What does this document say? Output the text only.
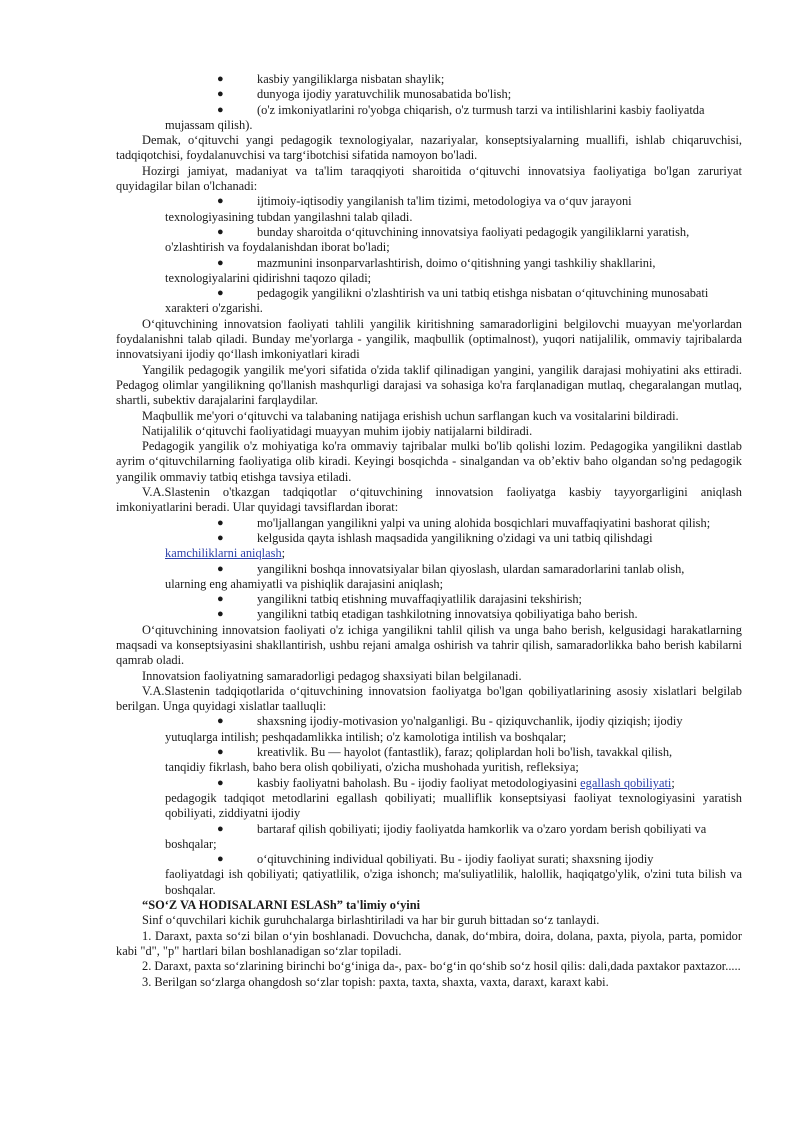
●	kasbiy yangiliklarga nisbatan shaylik;
●	dunyoga ijodiy yaratuvchilik munosabatida bo'lish;
●	(o'z imkoniyatlarini ro'yobga chiqarish, o'z turmush tarzi va intilishlarini kasbiy faoliyatda
mujassam qilish).

Demak, o‘qituvchi yangi pedagogik texnologiyalar, nazariyalar, konseptsiyalarning muallifi, ishlab chiqaruvchisi, tadqiqotchisi, foydalanuvchisi va targ‘ibotchisi sifatida namoyon bo'ladi.

Hozirgi jamiyat, madaniyat va ta'lim taraqqiyoti sharoitida o‘qituvchi innovatsiya faoliyatiga bo'lgan zaruriyat quyidagilar bilan o'lchanadi:

●	ijtimoiy-iqtisodiy yangilanish ta'lim tizimi, metodologiya va o‘quv jarayoni
texnologiyasining tubdan yangilashni talab qiladi.
●	bunday sharoitda o‘qituvchining innovatsiya faoliyati pedagogik yangiliklarni yaratish,
o'zlashtirish va foydalanishdan iborat bo'ladi;
●	mazmunini insonparvarlashtirish, doimo o‘qitishning yangi tashkiliy shakllarini,
texnologiyalarini qidirishni taqozo qiladi;
●	pedagogik yangilikni o'zlashtirish va uni tatbiq etishga nisbatan o‘qituvchining munosabati
xarakteri o'zgarishi.

O‘qituvchining innovatsion faoliyati tahlili yangilik kiritishning samaradorligini belgilovchi muayyan me'yorlardan foydalanishni talab qiladi. Bunday me'yorlarga - yangilik, maqbullik (optimalnost), yuqori natijalilik, ommaviy tajribalarda innovatsiyani ijodiy qo‘llash imkoniyatlari kiradi

Yangilik pedagogik yangilik me'yori sifatida o'zida taklif qilinadigan yangini, yangilik darajasi mohiyatini aks ettiradi. Pedagog olimlar yangilikning qo'llanish mashqurligi darajasi va sohasiga ko'ra farqlanadigan mutlaq, chegaralangan mutlaq, shartli, subektiv darajalarini farqlaydilar.

Maqbullik me'yori o‘qituvchi va talabaning natijaga erishish uchun sarflangan kuch va vositalarini bildiradi.

Natijalilik o‘qituvchi faoliyatidagi muayyan muhim ijobiy natijalarni bildiradi.

Pedagogik yangilik o'z mohiyatiga ko'ra ommaviy tajribalar mulki bo'lib qolishi lozim. Pedagogika yangilikni dastlab ayrim o‘qituvchilarning faoliyatiga olib kiradi. Keyingi bosqichda - sinalgandan va ob’ektiv baho olgandan so'ng pedagogik yangilik ommaviy tatbiq etishga tavsiya etiladi.

V.A.Slastenin o'tkazgan tadqiqotlar o‘qituvchining innovatsion faoliyatga kasbiy tayyorgarligini aniqlash imkoniyatlarini beradi. Ular quyidagi tavsiflardan iborat:

●	mo'ljallangan yangilikni yalpi va uning alohida bosqichlari muvaffaqiyatini bashorat qilish;
●	kelgusida qayta ishlash maqsadida yangilikning o'zidagi va uni tatbiq qilishdagi
kamchiliklarni aniqlash;
●	yangilikni boshqa innovatsiyalar bilan qiyoslash, ulardan samaradorlarini tanlab olish,
ularning eng ahamiyatli va pishiqlik darajasini aniqlash;
●	yangilikni tatbiq etishning muvaffaqiyatlilik darajasini tekshirish;
●	yangilikni tatbiq etadigan tashkilotning innovatsiya qobiliyatiga baho berish.

O‘qituvchining innovatsion faoliyati o'z ichiga yangilikni tahlil qilish va unga baho berish, kelgusidagi harakatlarning maqsadi va konseptsiyasini shakllantirish, ushbu rejani amalga oshirish va tahrir qilish, samaradorlikka baho berish kabilarni qamrab oladi.

Innovatsion faoliyatning samaradorligi pedagog shaxsiyati bilan belgilanadi.

V.A.Slastenin tadqiqotlarida o‘qituvchining innovatsion faoliyatga bo'lgan qobiliyatlarining asosiy xislatlari belgilab berilgan. Unga quyidagi xislatlar taalluqli:

●	shaxsning ijodiy-motivasion yo'nalganligi. Bu - qiziquvchanlik, ijodiy qiziqish; ijodiy
yutuqlarga intilish; peshqadamlikka intilish; o'z kamolotiga intilish va boshqalar;
●	kreativlik. Bu — hayolot (fantastlik), faraz; qoliplardan holi bo'lish, tavakkal qilish,
tanqidiy fikrlash, baho bera olish qobiliyati, o'zicha mushohada yuritish, refleksiya;
●	kasbiy faoliyatni baholash. Bu - ijodiy faoliyat metodologiyasini egallash qobiliyati;
pedagogik tadqiqot metodlarini egallash qobiliyati; mualliflik konseptsiyasi faoliyat texnologiyasini yaratish qobiliyati, ziddiyatni ijodiy
●	bartaraf qilish qobiliyati; ijodiy faoliyatda hamkorlik va o'zaro yordam berish qobiliyati va
boshqalar;
●	o‘qituvchining individual qobiliyati. Bu - ijodiy faoliyat surati; shaxsning ijodiy
faoliyatdagi ish qobiliyati; qatiyatlilik, o'ziga ishonch; ma'suliyatlilik, halollik, haqiqatgo'ylik, o'zini tuta bilish va boshqalar.

“SO‘Z VA HODISALARNI ESLASh” ta'limiy o‘yini

Sinf o‘quvchilari kichik guruhchalarga birlashtiriladi va har bir guruh bittadan so‘z tanlaydi.

1. Daraxt, paxta so‘zi bilan o‘yin boshlanadi. Dovuchcha, danak, do‘mbira, doira, dolana, paxta, piyola, parta, pomidor kabi "d", "p" hartlari bilan boshlanadigan so‘zlar topiladi.

2. Daraxt, paxta so‘zlarining birinchi bo‘g‘iniga da-, pax- bo‘g‘in qo‘shib so‘z hosil qilis: dali,dada paxtakor paxtazor.....

3. Berilgan so‘zlarga ohangdosh so‘zlar topish: paxta, taxta, shaxta, vaxta, daraxt, karaxt kabi.
